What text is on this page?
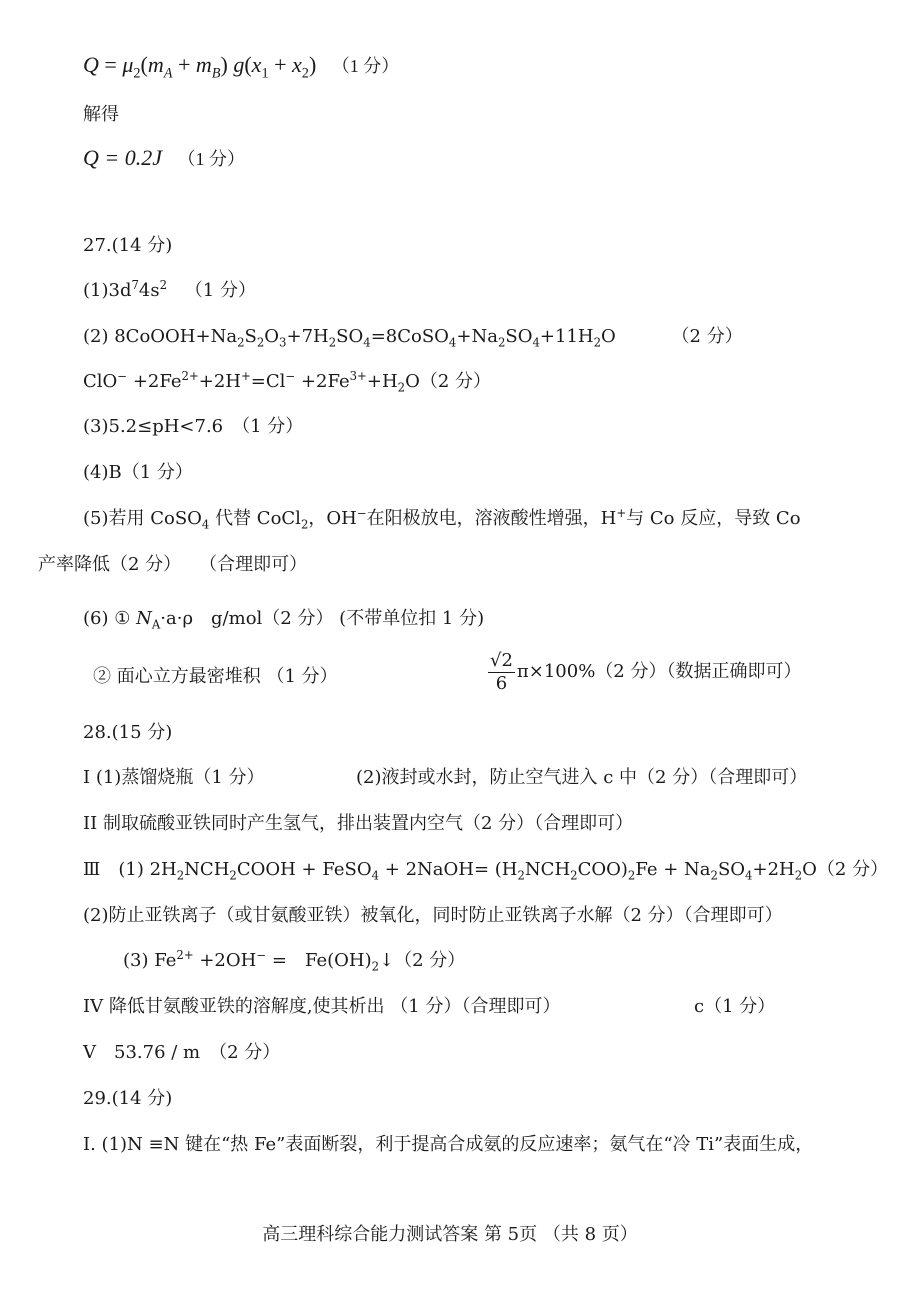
$Q = \mu_2(m_A + m_B) g(x_1 + x_2)$ （1 分）
解得
Q = 0.2J （1 分）
27.(14 分)
$(1)3d^74s^2$ （1 分）
(2) $8CoOOH+Na_2S_2O_3+7H_2SO_4=8CoSO_4+Na_2SO_4+11H_2O$	（2 分）
$ClO^- +2Fe^{2+}+2H^+=Cl^- +2Fe^{3+}+H_2O(2$ 分）
(3)5.2≤pH<7.6　（1 分）
(4)B（1 分）
(5)若用 CoSO$_4$ 代替 CoCl$_2$，OH−在阳极放电，溶液酸性增强，H+与 Co 反应，导致 Co
产率降低（2 分）　　（合理即可）
(6) ① $N_A\cdot a\cdot\rho$　g/mol（2 分） (不带单位扣 1 分)
② 面心立方最密堆积 （1 分）	$\frac{√2}{6} \pi\times 100\%(2$ 分）（数据正确即可）
28.(15 分)
I (1)蒸馏烧瓶（1 分）	(2)液封或水封，防止空气进入 c 中（2 分）（合理即可）
II 制取硫酸亚铁同时产生氢气，排出装置内空气（2 分）（合理即可）
Ⅲ　(1) $2H_2NCH_2COOH$ + FeSO$_4$ + 2NaOH= $(H_2NCH_2COO)_2Fe + Na_2SO_4+2H_2O(2$ 分）
(2)防止亚铁离子（或甘氨酸亚铁）被氧化，同时防止亚铁离子水解（2 分）（合理即可）
(3) $Fe^{2+} +2OH^-$ =　$Fe(OH)_2↓(2$ 分）
IV 降低甘氨酸亚铁的溶解度,使其析出 （1 分）（合理即可）	c（1 分）
V　53.76 / m　（2 分）
29.(14 分)
I. (1)N ≡N 键在“热 Fe”表面断裂，利于提高合成氨的反应速率；氨气在“冷 Ti”表面生成，
高三理科综合能力测试答案 第 5页 （共 8 页）
